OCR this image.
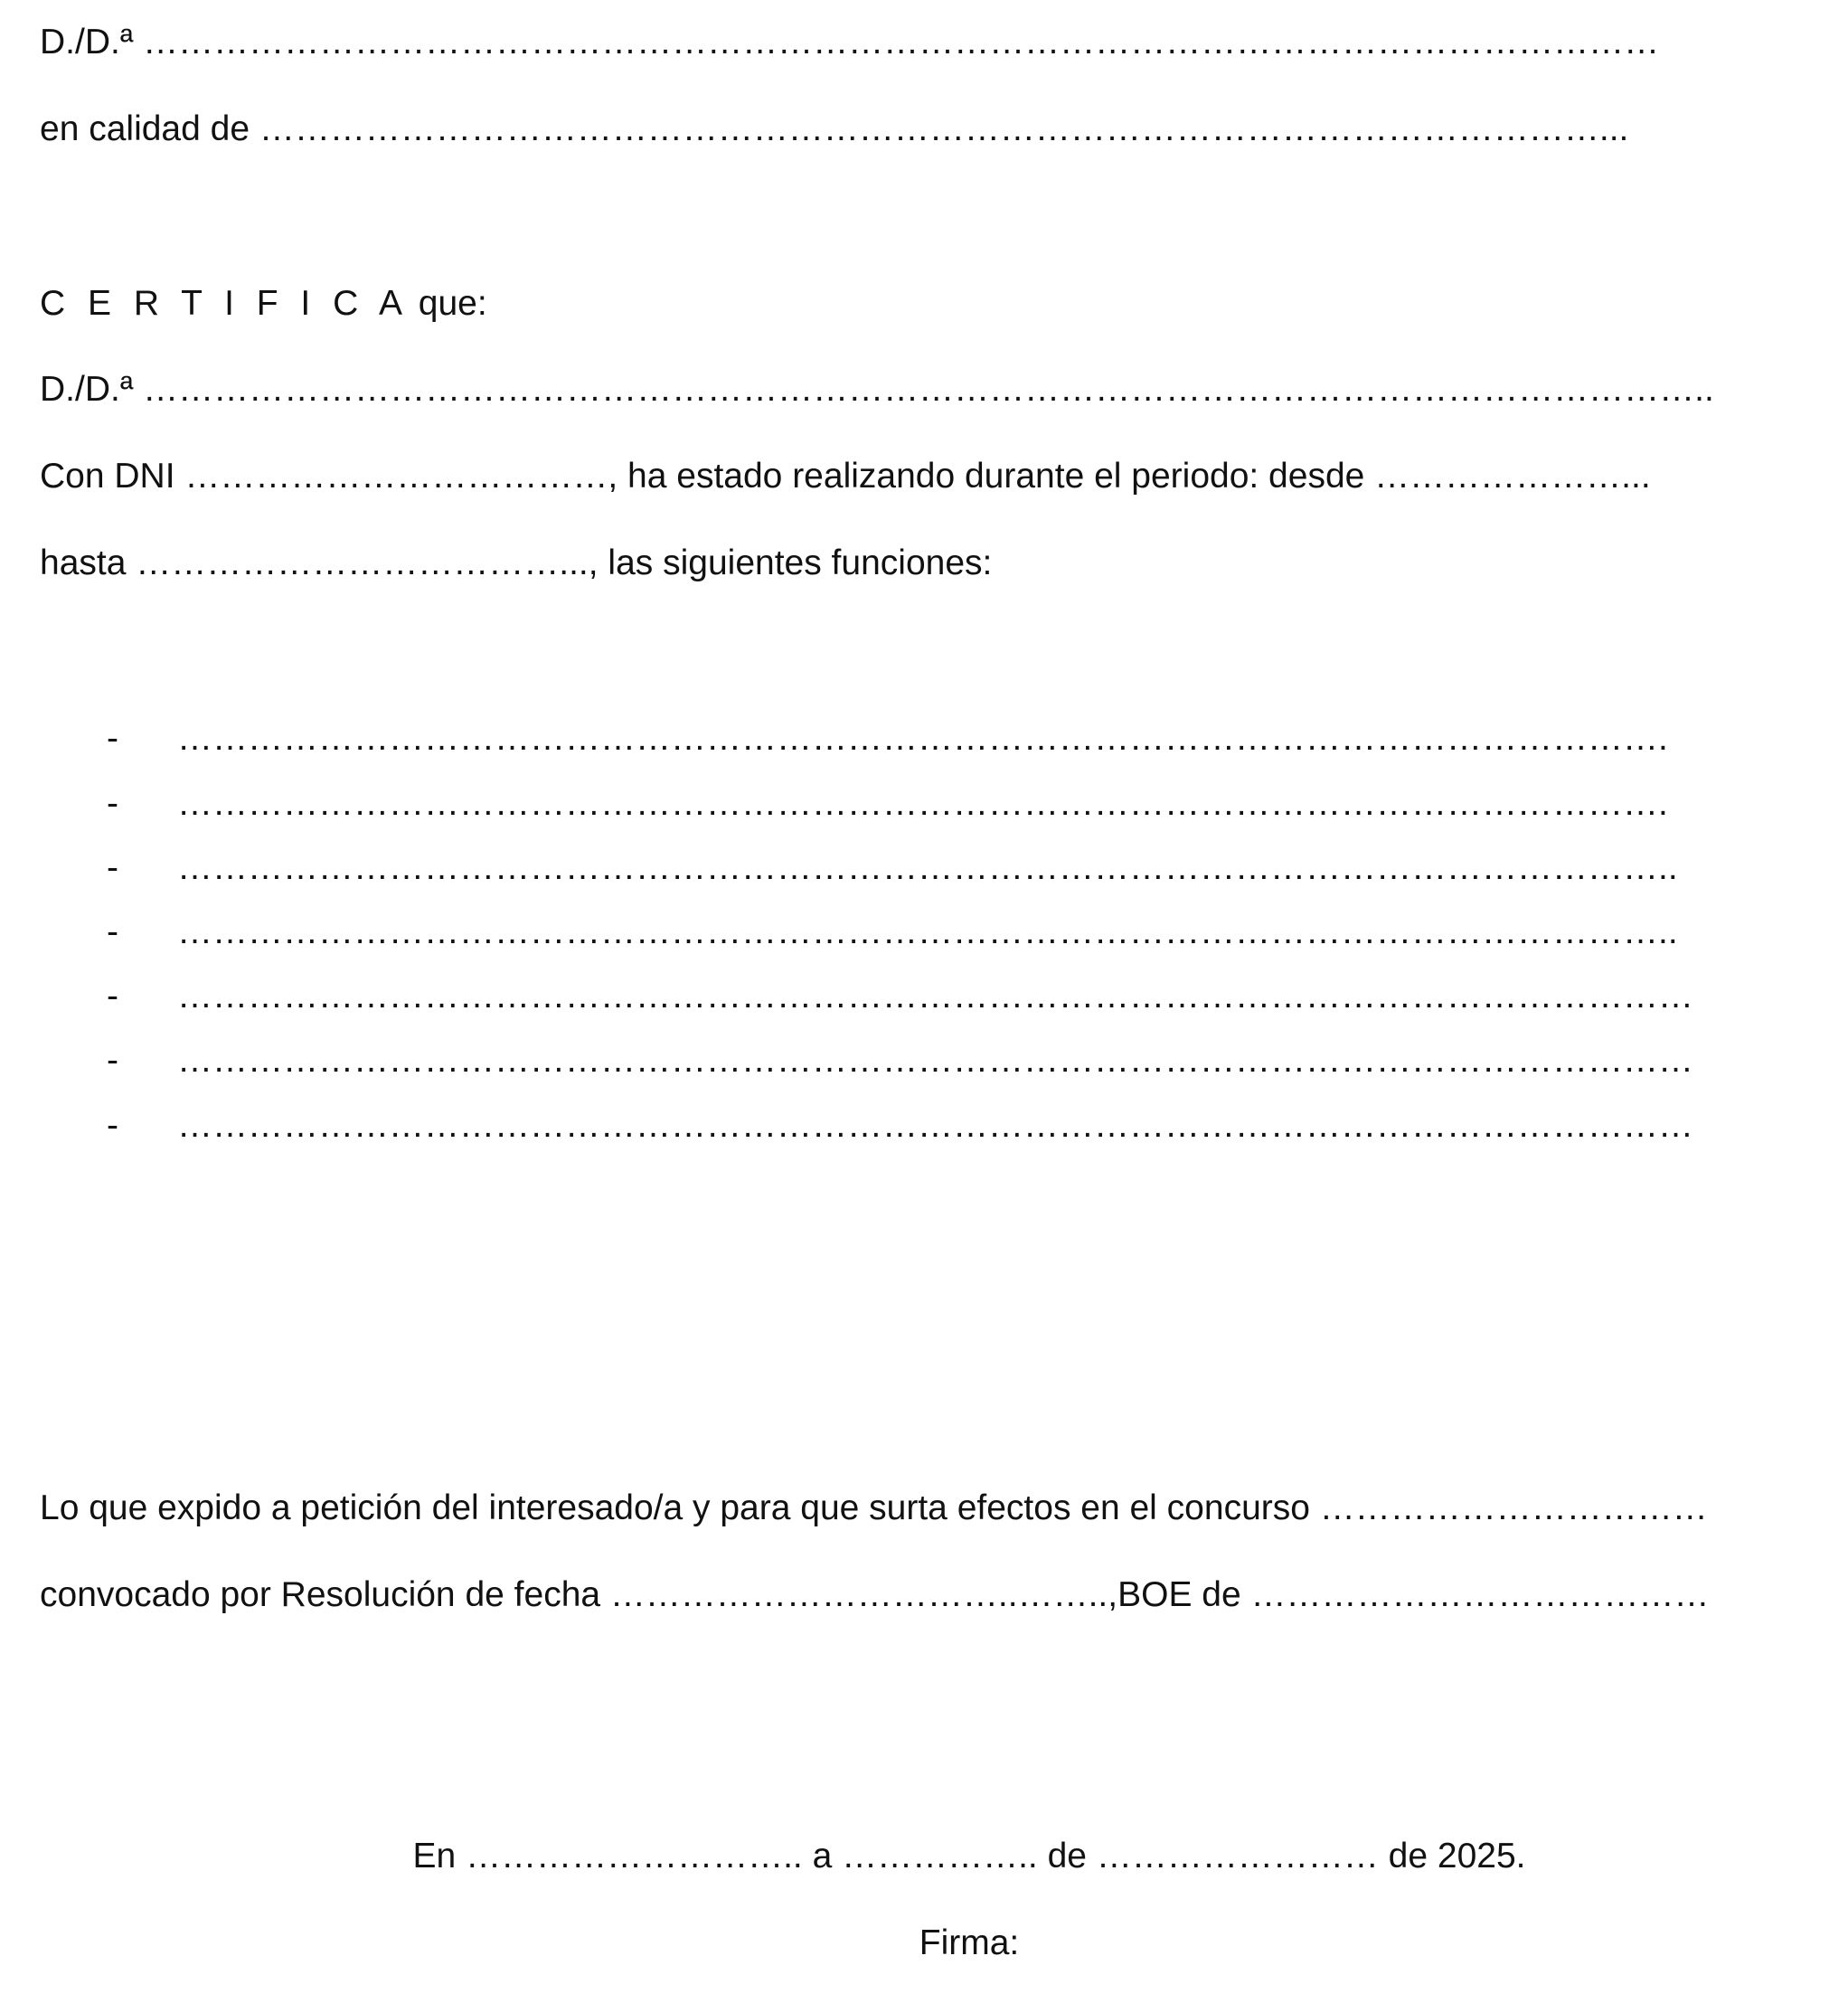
D./D.ª …………………………………………………………………………………………………………………
en calidad de ……………………………………………………………………………………………………...
C E R T I F I C A que:
D./D.ª ……………………………………………………………………………………………………………………..
Con DNI ………………………………, ha estado realizando durante el periodo: desde …………………...
hasta ………………………………..., las siguientes funciones:
- ……………………………………………………………………………………………………………….
- ……………………………………………………………………………………………………………….
- ………………………………………………………………………………………………………………..
- ………………………………………………………………………………………………………………..
- …………………………………………………………………………………………………………………
- …………………………………………………………………………………………………………………
- …………………………………………………………………………………………………………………
Lo que expido a petición del interesado/a y para que surta efectos en el concurso ……………………………
convocado por Resolución de fecha ……………………………..……..,BOE de …………………………………
En ……………………….. a …………….. de …………………… de 2025.
Firma:
